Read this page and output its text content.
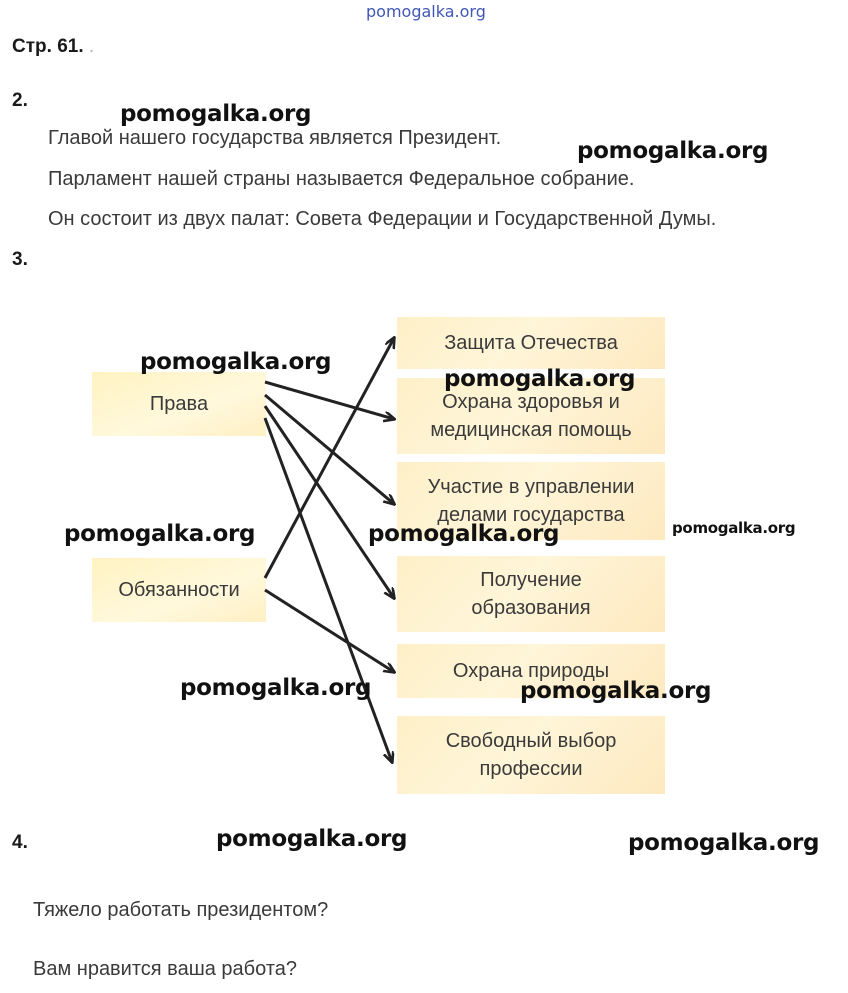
pomogalka.org
Стр. 61. .
2.
Главой нашего государства является Президент.
Парламент нашей страны называется Федеральное собрание.
Он состоит из двух палат: Совета Федерации и Государственной Думы.
3.
Права
Обязанности
Защита Отечества
Охрана здоровья и
медицинская помощь
Участие в управлении
делами государства
Получение
образования
Охрана природы
Свободный выбор
профессии
4.
Тяжело работать президентом?
Вам нравится ваша работа?
pomogalka.org
pomogalka.org
pomogalka.org
pomogalka.org
pomogalka.org	pomogalka.org	pomogalka.org
pomogalka.org	pomogalka.org
pomogalka.org	pomogalka.org
